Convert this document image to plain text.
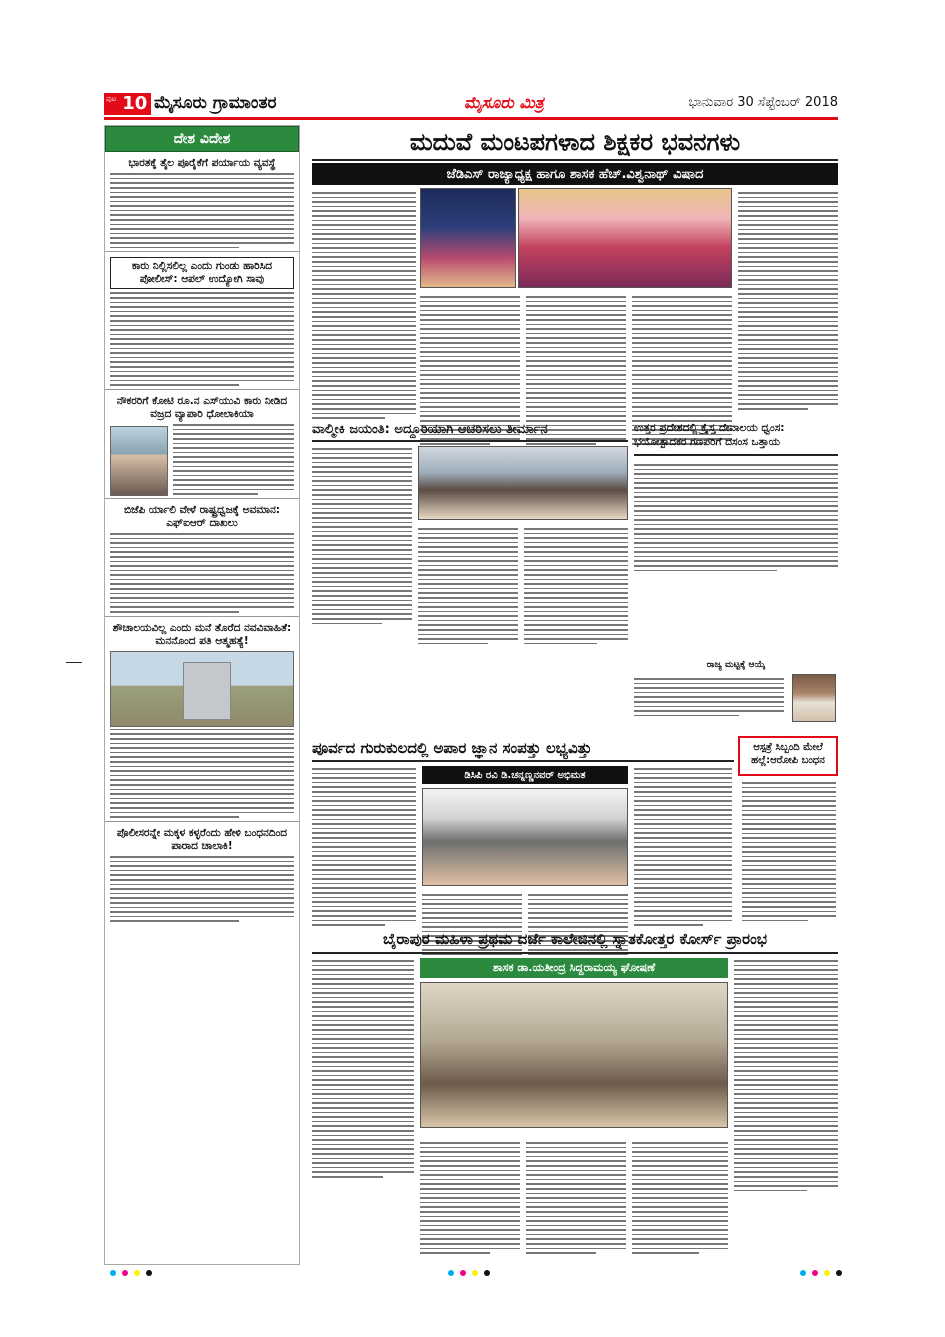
ಪುಟ 10 ಮೈಸೂರು ಗ್ರಾಮಾಂತರ	ಮೈಸೂರು ಮಿತ್ರ	ಭಾನುವಾರ 30 ಸೆಪ್ಟೆಂಬರ್ 2018
ದೇಶ ವಿದೇಶ
ಭಾರತಕ್ಕೆ ತೈಲ ಪೂರೈಕೆಗೆ ಪರ್ಯಾಯ ವ್ಯವಸ್ಥೆ
ಕಾರು ನಿಲ್ಲಿಸಲಿಲ್ಲ ಎಂದು ಗುಂಡು ಹಾರಿಸಿದ ಪೋಲೀಸ್: ಆಪಲ್ ಉದ್ಯೋಗಿ ಸಾವು
ನೌಕರರಿಗೆ ಕೋಟಿ ರೂ.ನ ಎಸ್‌ಯುವಿ ಕಾರು ನೀಡಿದ ವಜ್ರದ ವ್ಯಾಪಾರಿ ಧೋಲಾಕಿಯಾ
ಬಿಜೆಪಿ ರ್ಯಾಲಿ ವೇಳೆ ರಾಷ್ಟ್ರಧ್ವಜಕ್ಕೆ ಅವಮಾನ: ಎಫ್‌ಐಆರ್ ದಾಖಲು
ಶೌಚಾಲಯವಿಲ್ಲ ಎಂದು ಮನೆ ತೊರೆದ ನವವಿವಾಹಿತೆ: ಮನನೊಂದ ಪತಿ ಆತ್ಮಹತ್ಯೆ!
ಪೊಲೀಸರನ್ನೇ ಮಕ್ಕಳ ಕಳ್ಳರೆಂದು ಹೇಳಿ ಬಂಧನದಿಂದ ಪಾರಾದ ಚಾಲಾಕಿ!
ಮದುವೆ ಮಂಟಪಗಳಾದ ಶಿಕ್ಷಕರ ಭವನಗಳು
ಜೆಡಿಎಸ್ ರಾಜ್ಯಾಧ್ಯಕ್ಷ ಹಾಗೂ ಶಾಸಕ ಹೆಚ್.ವಿಶ್ವನಾಥ್ ವಿಷಾದ
ವಾಲ್ಮೀಕಿ ಜಯಂತಿ: ಅದ್ದೂರಿಯಾಗಿ ಆಚರಿಸಲು ತೀರ್ಮಾನ	ಉತ್ತರ ಪ್ರದೇಶದಲ್ಲಿ ಕ್ರೈಸ್ತ ದೇವಾಲಯ ಧ್ವಂಸ: ಭಯೋತ್ಪಾದಕರ ಗಣಪರಿಗೆ ದಸಂಸ ಒತ್ತಾಯ
ರಾಜ್ಯ ಮಟ್ಟಕ್ಕೆ ಆಯ್ಕೆ
ಪೂರ್ವದ ಗುರುಕುಲದಲ್ಲಿ ಅಪಾರ ಜ್ಞಾನ ಸಂಪತ್ತು ಲಭ್ಯವಿತ್ತು
ಡಿಸಿಪಿ ರವಿ ಡಿ.ಚನ್ನಣ್ಣನವರ್ ಅಭಿಮತ
ಆಸ್ಪತ್ರೆ ಸಿಬ್ಬಂದಿ ಮೇಲೆ ಹಲ್ಲೆ:ಆರೋಪಿ ಬಂಧನ
ಬೈರಾಪುರ ಮಹಿಳಾ ಪ್ರಥಮ ದರ್ಜೆ ಕಾಲೇಜಿನಲ್ಲಿ ಸ್ನಾತಕೋತ್ತರ ಕೋರ್ಸ್ ಪ್ರಾರಂಭ
ಶಾಸಕ ಡಾ.ಯತೀಂದ್ರ ಸಿದ್ದರಾಮಯ್ಯ ಘೋಷಣೆ
